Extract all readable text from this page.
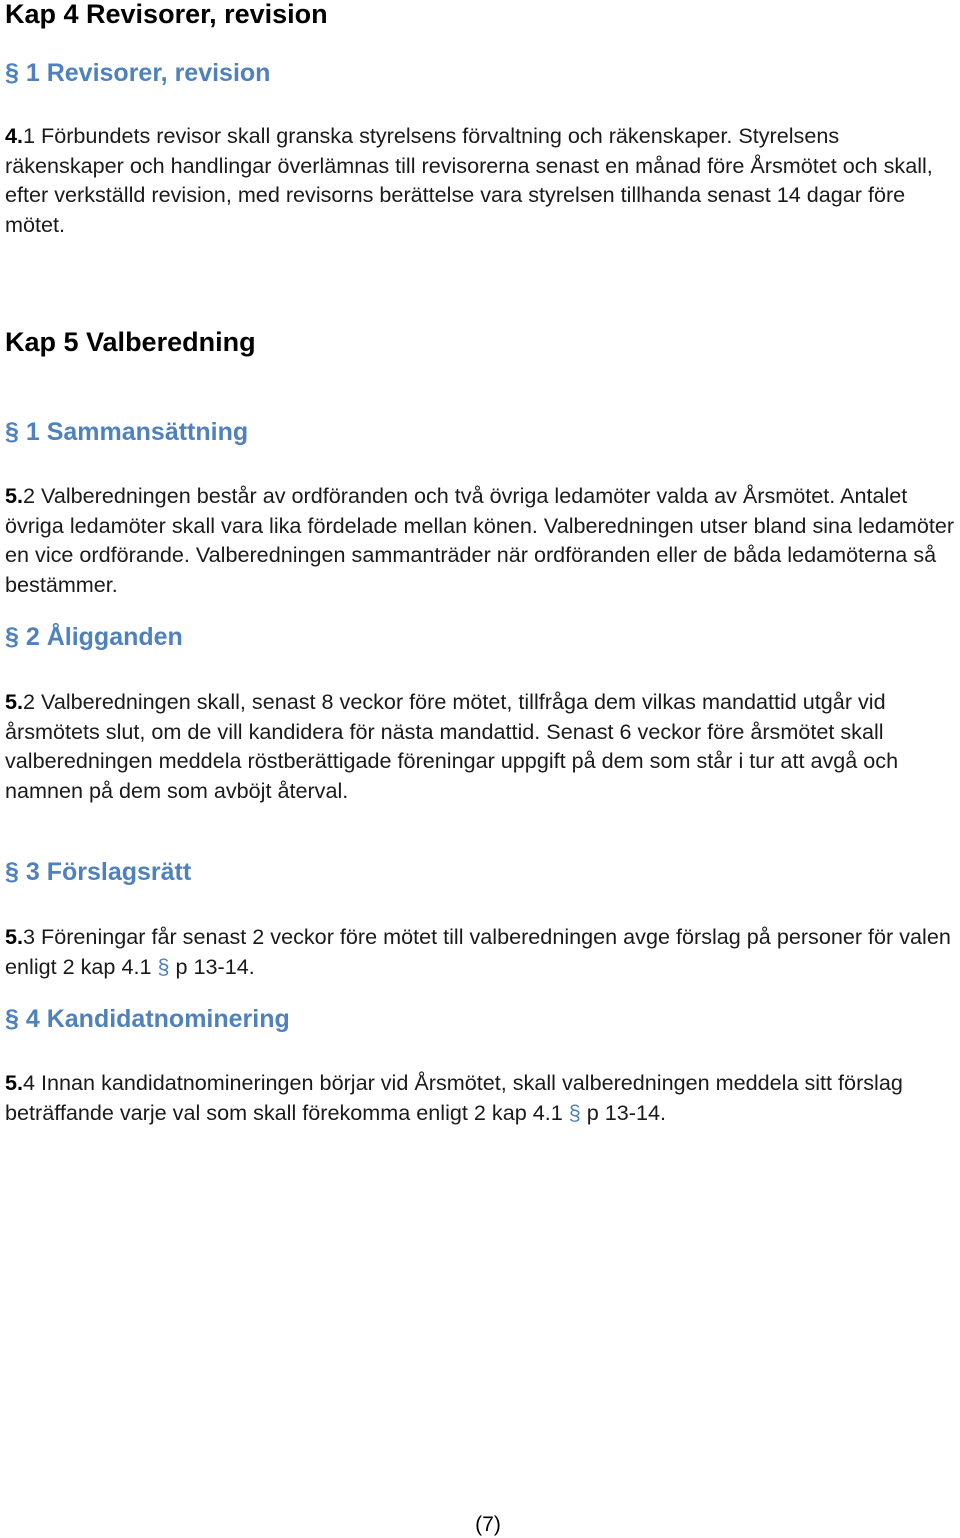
Kap 4 Revisorer, revision
§ 1 Revisorer, revision

4.1 Förbundets revisor skall granska styrelsens förvaltning och räkenskaper. Styrelsens räkenskaper och handlingar överlämnas till revisorerna senast en månad före Årsmötet och skall, efter verkställd revision, med revisorns berättelse vara styrelsen tillhanda senast 14 dagar före mötet.

Kap 5 Valberedning
§ 1 Sammansättning

5.2 Valberedningen består av ordföranden och två övriga ledamöter valda av Årsmötet. Antalet övriga ledamöter skall vara lika fördelade mellan könen. Valberedningen utser bland sina ledamöter en vice ordförande. Valberedningen sammanträder när ordföranden eller de båda ledamöterna så bestämmer.

§ 2 Åligganden

5.2 Valberedningen skall, senast 8 veckor före mötet, tillfråga dem vilkas mandattid utgår vid årsmötets slut, om de vill kandidera för nästa mandattid. Senast 6 veckor före årsmötet skall valberedningen meddela röstberättigade föreningar uppgift på dem som står i tur att avgå och namnen på dem som avböjt återval.

§ 3 Förslagsrätt

5.3 Föreningar får senast 2 veckor före mötet till valberedningen avge förslag på personer för valen enligt 2 kap 4.1 § p 13-14.

§ 4 Kandidatnominering

5.4 Innan kandidatnomineringen börjar vid Årsmötet, skall valberedningen meddela sitt förslag beträffande varje val som skall förekomma enligt 2 kap 4.1 § p 13-14.

(7)
